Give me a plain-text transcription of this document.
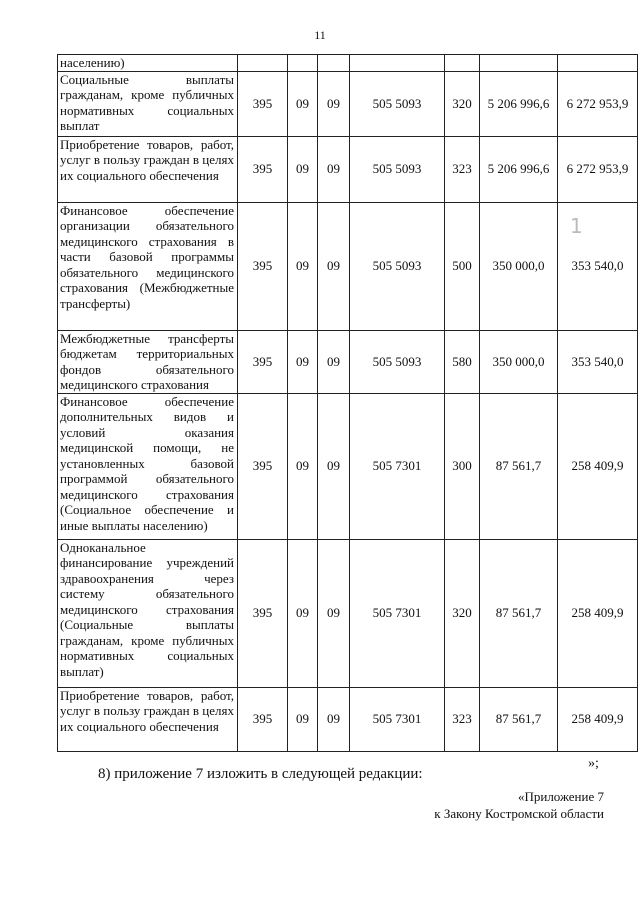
11
населению)							
Социальные выплаты гражданам, кроме публичных нормативных социальных выплат	395	09	09	505 5093	320	5 206 996,6	6 272 953,9
Приобретение товаров, работ, услуг в пользу граждан в целях их социального обеспечения	395	09	09	505 5093	323	5 206 996,6	6 272 953,9
Финансовое обеспечение организации обязательного медицинского страхования в части базовой программы обязательного медицинского страхования (Межбюджетные трансферты)	395	09	09	505 5093	500	350 000,0	353 540,0
Межбюджетные трансферты бюджетам территориальных фондов обязательного медицинского страхования	395	09	09	505 5093	580	350 000,0	353 540,0
Финансовое обеспечение дополнительных видов и условий оказания медицинской помощи, не установленных базовой программой обязательного медицинского страхования (Социальное обеспечение и иные выплаты населению)	395	09	09	505 7301	300	87 561,7	258 409,9
Одноканальное финансирование учреждений здравоохранения через систему обязательного медицинского страхования (Социальные выплаты гражданам, кроме публичных нормативных социальных выплат)	395	09	09	505 7301	320	87 561,7	258 409,9
Приобретение товаров, работ, услуг в пользу граждан в целях их социального обеспечения	395	09	09	505 7301	323	87 561,7	258 409,9
1
»;
8) приложение 7 изложить в следующей редакции:
«Приложение 7
к Закону Костромской области
